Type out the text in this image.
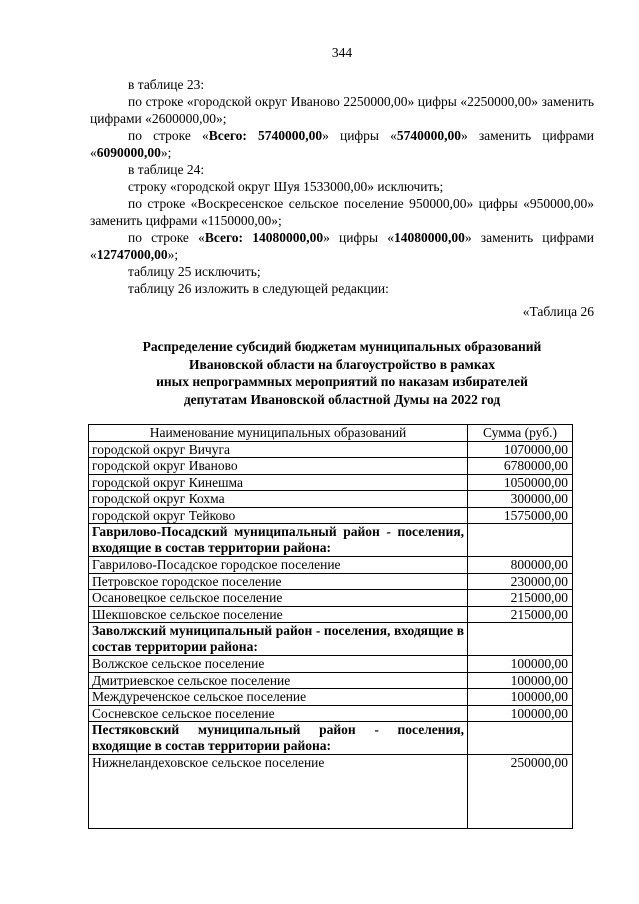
344

в таблице 23:

по строке «городской округ Иваново 2250000,00» цифры «2250000,00» заменить цифрами «2600000,00»;

по строке «Всего: 5740000,00» цифры «5740000,00» заменить цифрами «6090000,00»;

в таблице 24:

строку «городской округ Шуя 1533000,00» исключить;

по строке «Воскресенское сельское поселение 950000,00» цифры «950000,00» заменить цифрами «1150000,00»;

по строке «Всего: 14080000,00» цифры «14080000,00» заменить цифрами «12747000,00»;

таблицу 25 исключить;

таблицу 26 изложить в следующей редакции:

«Таблица 26

Распределение субсидий бюджетам муниципальных образований
Ивановской области на благоустройство в рамках
иных непрограммных мероприятий по наказам избирателей
депутатам Ивановской областной Думы на 2022 год
Наименование муниципальных образований	Сумма (руб.)
городской округ Вичуга	1070000,00
городской округ Иваново	6780000,00
городской округ Кинешма	1050000,00
городской округ Кохма	300000,00
городской округ Тейково	1575000,00
Гаврилово-Посадский муниципальный район - поселения, входящие в состав территории района:	
Гаврилово-Посадское городское поселение	800000,00
Петровское городское поселение	230000,00
Осановецкое сельское поселение	215000,00
Шекшовское сельское поселение	215000,00
Заволжский муниципальный район - поселения, входящие в состав территории района:	
Волжское сельское поселение	100000,00
Дмитриевское сельское поселение	100000,00
Междуреченское сельское поселение	100000,00
Сосневское сельское поселение	100000,00
Пестяковский муниципальный район - поселения, входящие в состав территории района:	
Нижнеландеховское сельское поселение	250000,00
